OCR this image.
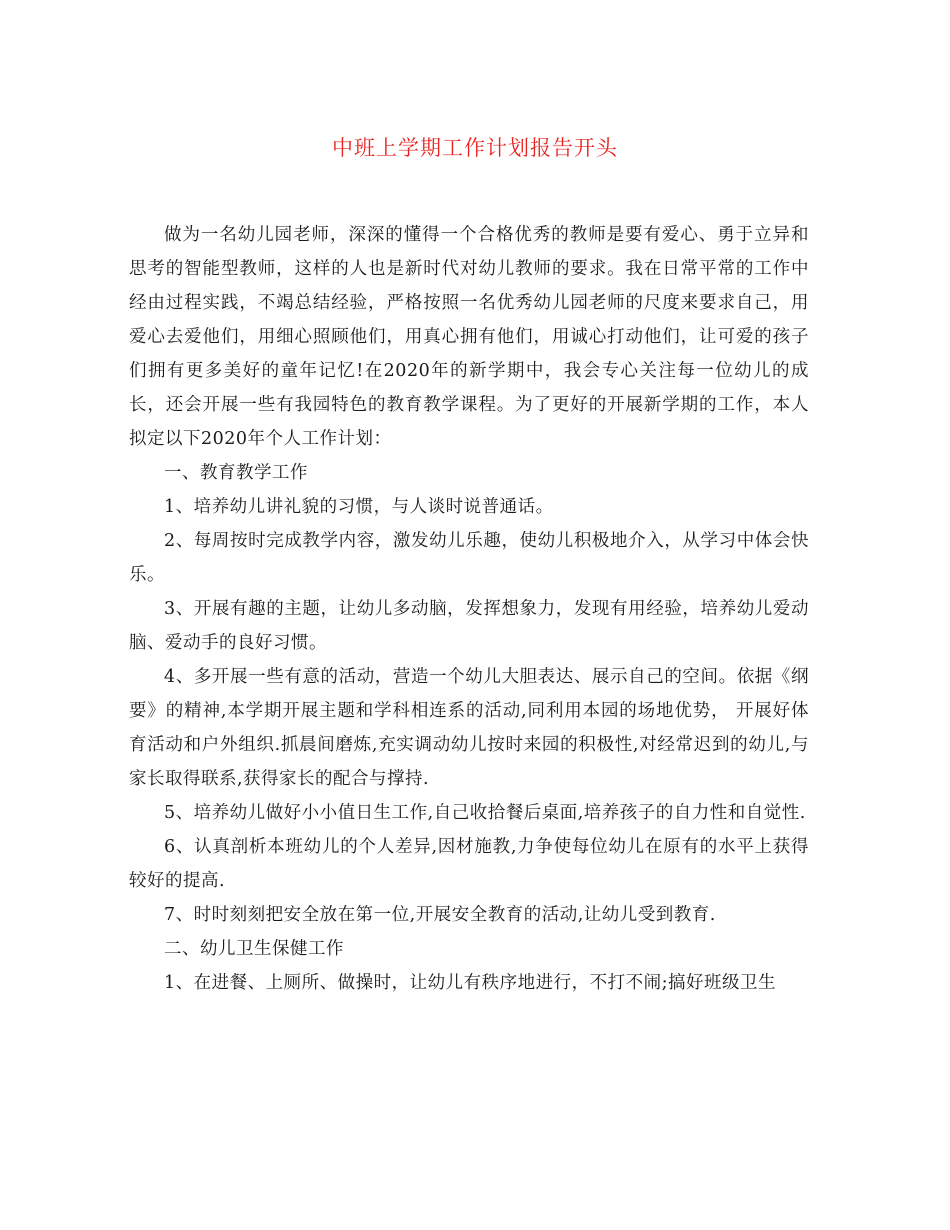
中班上学期工作计划报告开头

做为一名幼儿园老师，深深的懂得一个合格优秀的教师是要有爱心、勇于立异和思考的智能型教师，这样的人也是新时代对幼儿教师的要求。我在日常平常的工作中经由过程实践，不竭总结经验，严格按照一名优秀幼儿园老师的尺度来要求自己，用爱心去爱他们，用细心照顾他们，用真心拥有他们，用诚心打动他们，让可爱的孩子们拥有更多美好的童年记忆!在2020年的新学期中，我会专心关注每一位幼儿的成长，还会开展一些有我园特色的教育教学课程。为了更好的开展新学期的工作，本人拟定以下2020年个人工作计划：

一、教育教学工作

1、培养幼儿讲礼貌的习惯，与人谈时说普通话。

2、每周按时完成教学内容，激发幼儿乐趣，使幼儿积极地介入，从学习中体会快乐。

3、开展有趣的主题，让幼儿多动脑，发挥想象力，发现有用经验，培养幼儿爱动脑、爱动手的良好习惯。

4、多开展一些有意的活动，营造一个幼儿大胆表达、展示自己的空间。依据《纲要》的精神,本学期开展主题和学科相连系的活动,同利用本园的场地优势， 开展好体育活动和户外组织.抓晨间磨炼,充实调动幼儿按时来园的积极性,对经常迟到的幼儿,与家长取得联系,获得家长的配合与撑持.

5、培养幼儿做好小小值日生工作,自己收拾餐后桌面,培养孩子的自力性和自觉性.

6、认真剖析本班幼儿的个人差异,因材施教,力争使每位幼儿在原有的水平上获得较好的提高.

7、时时刻刻把安全放在第一位,开展安全教育的活动,让幼儿受到教育.

二、幼儿卫生保健工作

1、在进餐、上厕所、做操时，让幼儿有秩序地进行，不打不闹;搞好班级卫生
